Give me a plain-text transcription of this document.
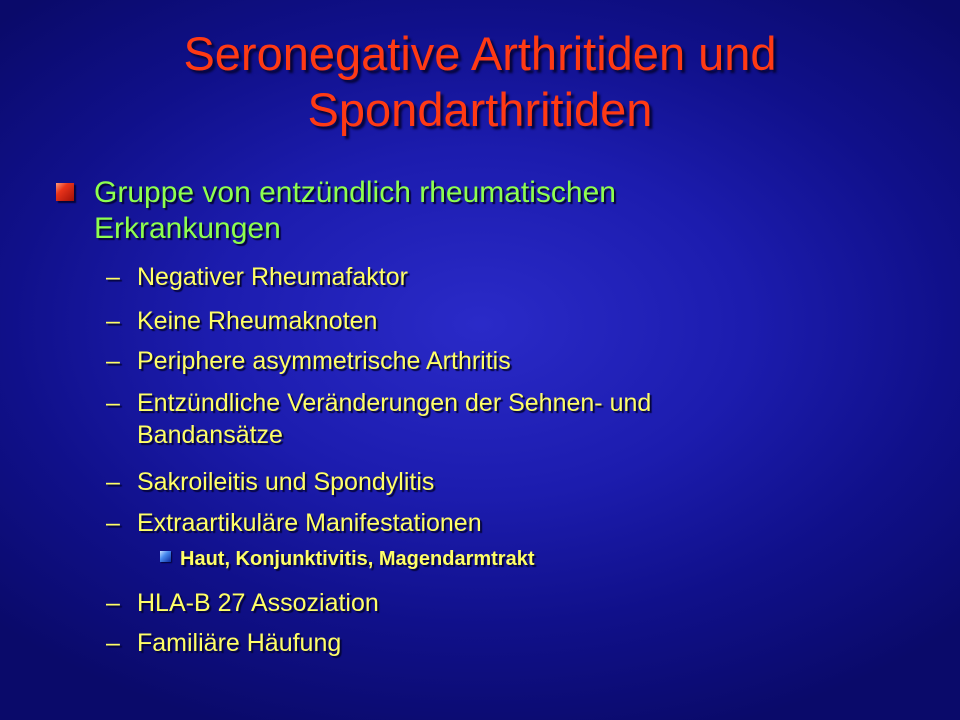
Seronegative Arthritiden und
Spondarthritiden

Gruppe von entzündlich rheumatischen

Erkrankungen

– Negativer Rheumafaktor

– Keine Rheumaknoten

– Periphere asymmetrische Arthritis

– Entzündliche Veränderungen der Sehnen- und

Bandansätze

– Sakroileitis und Spondylitis

– Extraartikuläre Manifestationen

Haut, Konjunktivitis, Magendarmtrakt

– HLA-B 27 Assoziation

– Familiäre Häufung
